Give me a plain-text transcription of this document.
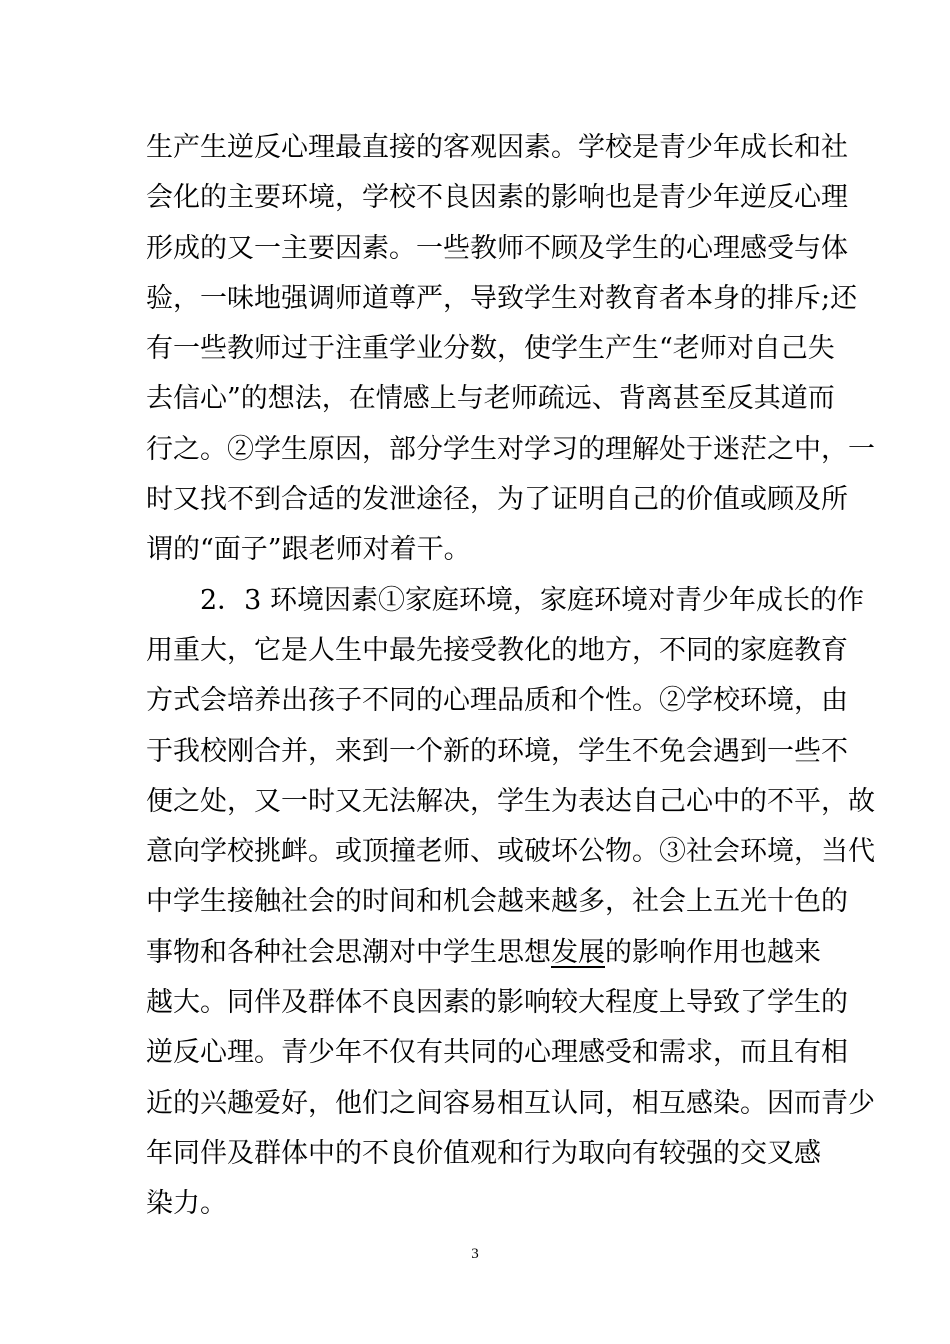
生产生逆反心理最直接的客观因素。学校是青少年成长和社
会化的主要环境，学校不良因素的影响也是青少年逆反心理
形成的又一主要因素。一些教师不顾及学生的心理感受与体
验，一味地强调师道尊严，导致学生对教育者本身的排斥;还
有一些教师过于注重学业分数，使学生产生“老师对自己失
去信心”的想法，在情感上与老师疏远、背离甚至反其道而
行之。②学生原因，部分学生对学习的理解处于迷茫之中，一
时又找不到合适的发泄途径，为了证明自己的价值或顾及所
谓的“面子”跟老师对着干。
2．3 环境因素①家庭环境，家庭环境对青少年成长的作
用重大，它是人生中最先接受教化的地方，不同的家庭教育
方式会培养出孩子不同的心理品质和个性。②学校环境，由
于我校刚合并，来到一个新的环境，学生不免会遇到一些不
便之处，又一时又无法解决，学生为表达自己心中的不平，故
意向学校挑衅。或顶撞老师、或破坏公物。③社会环境，当代
中学生接触社会的时间和机会越来越多，社会上五光十色的
事物和各种社会思潮对中学生思想发展的影响作用也越来
越大。同伴及群体不良因素的影响较大程度上导致了学生的
逆反心理。青少年不仅有共同的心理感受和需求，而且有相
近的兴趣爱好，他们之间容易相互认同，相互感染。因而青少
年同伴及群体中的不良价值观和行为取向有较强的交叉感
染力。
3
